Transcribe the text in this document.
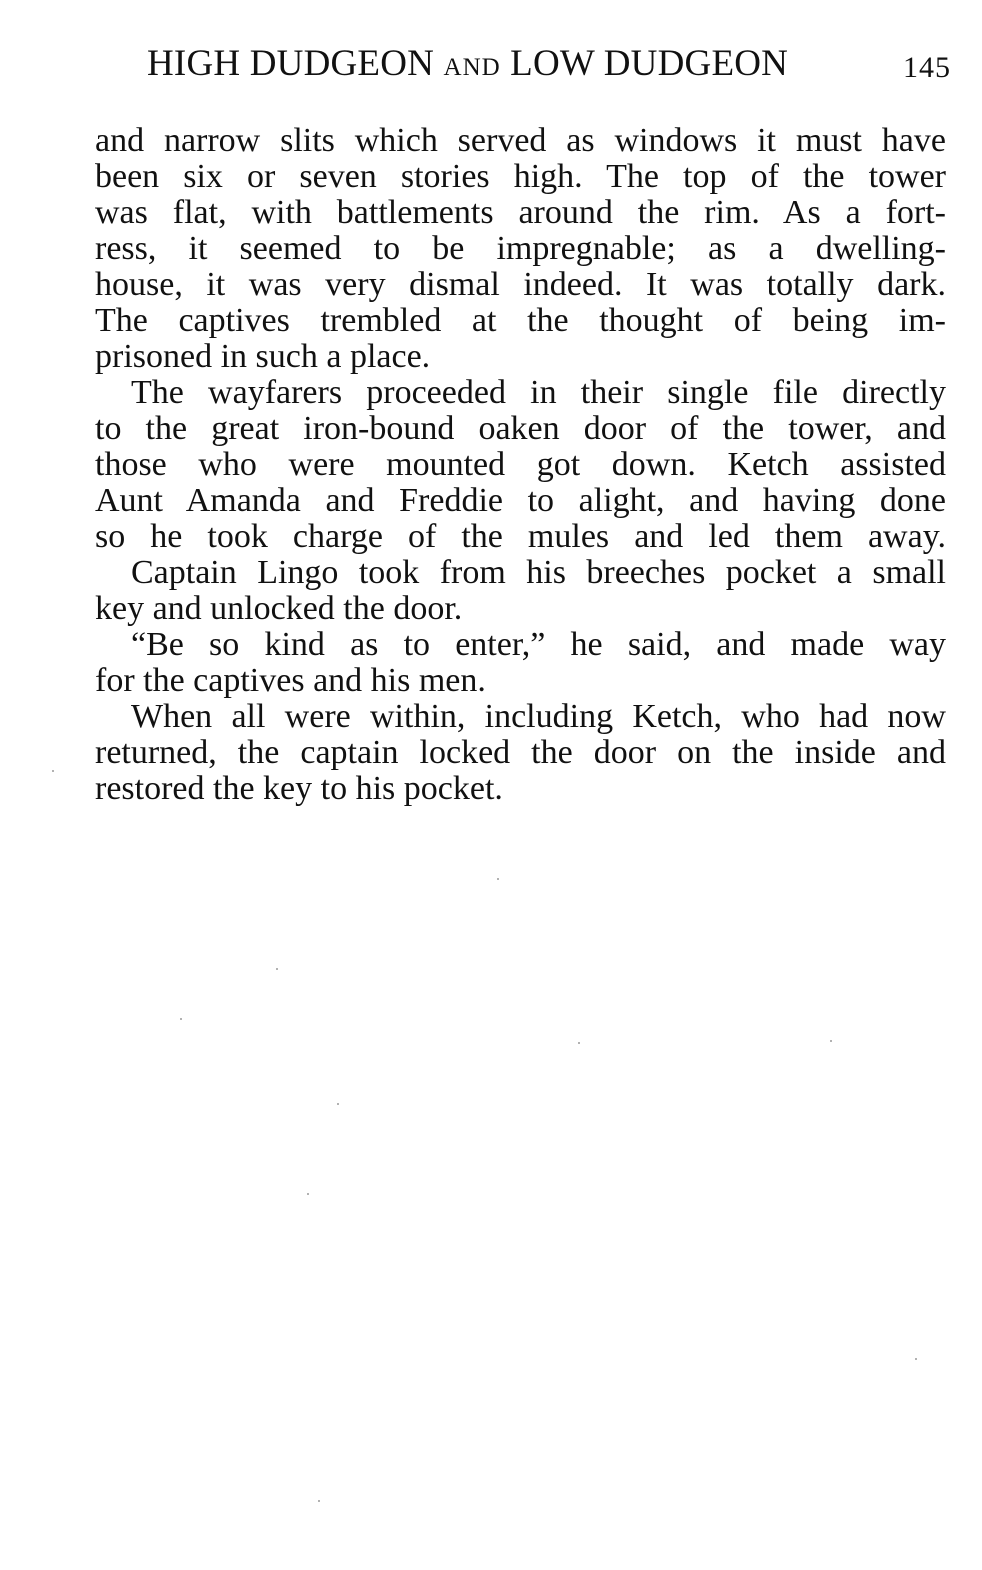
HIGH DUDGEON AND LOW DUDGEON	145
and narrow slits which served as windows it must have
been six or seven stories high. The top of the tower
was flat, with battlements around the rim. As a fort-
ress, it seemed to be impregnable; as a dwelling-
house, it was very dismal indeed. It was totally dark.
The captives trembled at the thought of being im-
prisoned in such a place.
The wayfarers proceeded in their single file directly
to the great iron-bound oaken door of the tower, and
those who were mounted got down. Ketch assisted
Aunt Amanda and Freddie to alight, and having done
so he took charge of the mules and led them away.
Captain Lingo took from his breeches pocket a small
key and unlocked the door.
“Be so kind as to enter,” he said, and made way
for the captives and his men.
When all were within, including Ketch, who had now
returned, the captain locked the door on the inside and
restored the key to his pocket.
